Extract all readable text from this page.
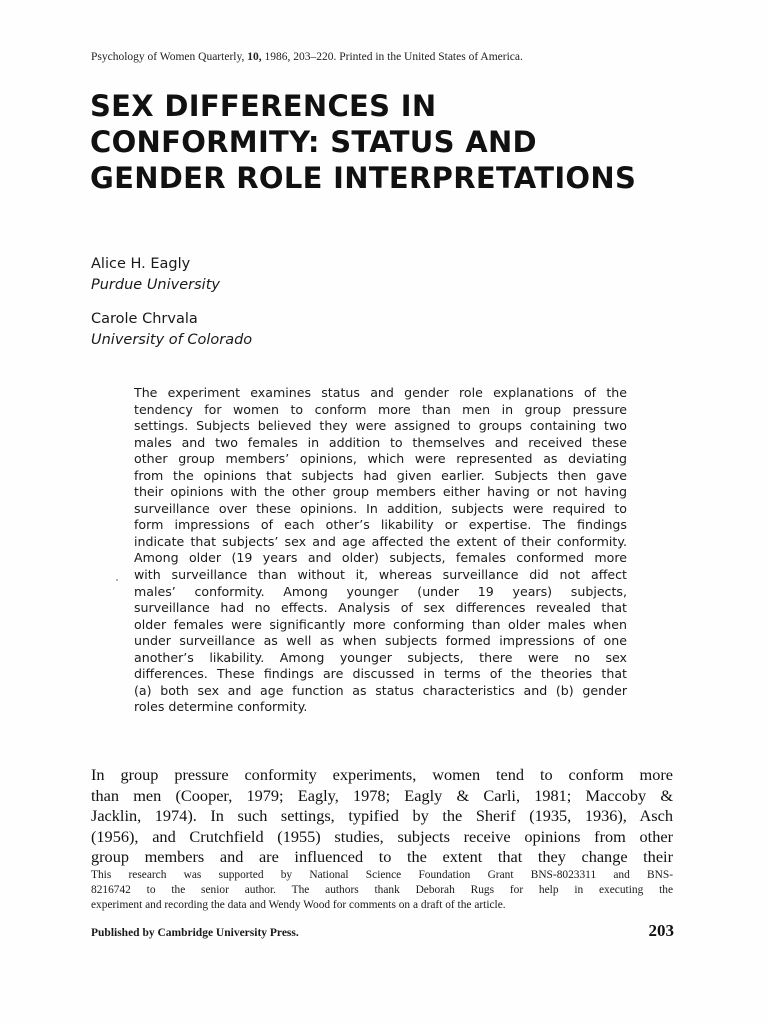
Psychology of Women Quarterly, 10, 1986, 203–220. Printed in the United States of America.
SEX DIFFERENCES IN
CONFORMITY: STATUS AND
GENDER ROLE INTERPRETATIONS
Alice H. Eagly
Purdue University
Carole Chrvala
University of Colorado
The experiment examines status and gender role explanations of the
tendency for women to conform more than men in group pressure
settings. Subjects believed they were assigned to groups containing two
males and two females in addition to themselves and received these
other group members’ opinions, which were represented as deviating
from the opinions that subjects had given earlier. Subjects then gave
their opinions with the other group members either having or not having
surveillance over these opinions. In addition, subjects were required to
form impressions of each other’s likability or expertise. The findings
indicate that subjects’ sex and age affected the extent of their conformity.
Among older (19 years and older) subjects, females conformed more
with surveillance than without it, whereas surveillance did not affect
males’ conformity. Among younger (under 19 years) subjects,
surveillance had no effects. Analysis of sex differences revealed that
older females were significantly more conforming than older males when
under surveillance as well as when subjects formed impressions of one
another’s likability. Among younger subjects, there were no sex
differences. These findings are discussed in terms of the theories that
(a) both sex and age function as status characteristics and (b) gender
roles determine conformity.
In group pressure conformity experiments, women tend to conform more
than men (Cooper, 1979; Eagly, 1978; Eagly & Carli, 1981; Maccoby &
Jacklin, 1974). In such settings, typified by the Sherif (1935, 1936), Asch
(1956), and Crutchfield (1955) studies, subjects receive opinions from other
group members and are influenced to the extent that they change their
This research was supported by National Science Foundation Grant BNS-8023311 and BNS-
8216742 to the senior author. The authors thank Deborah Rugs for help in executing the
experiment and recording the data and Wendy Wood for comments on a draft of the article.
Published by Cambridge University Press.	203
